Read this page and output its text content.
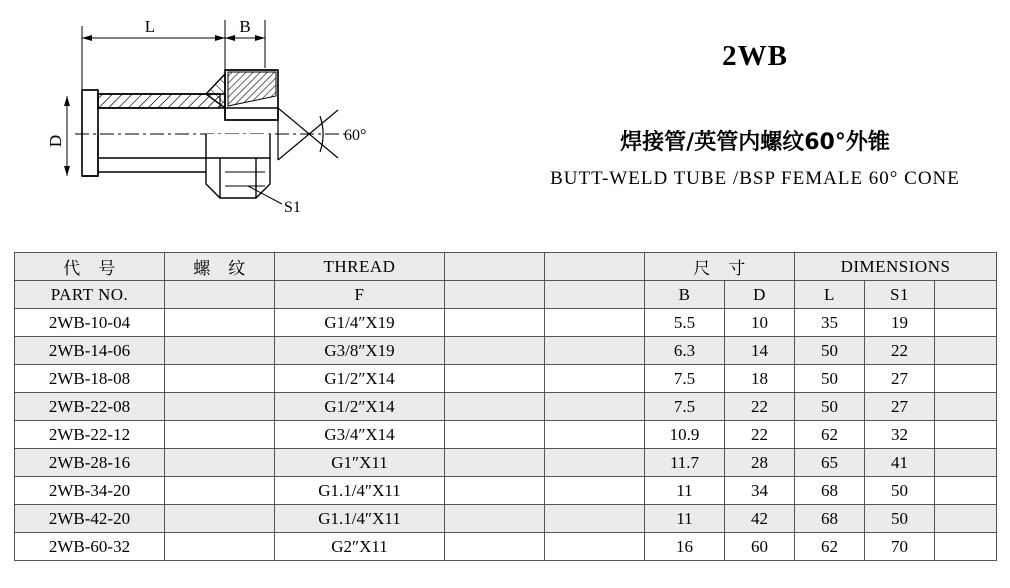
L	B
D	60°
S1
2WB
焊接管/英管内螺纹60°外锥
BUTT-WELD TUBE /BSP FEMALE 60° CONE
代　号	螺　纹	THREAD			尺　寸		DIMENSIONS		
PART NO.		F			B	D	L	S1	
2WB-10-04		G1/4″X19			5.5	10	35	19	
2WB-14-06		G3/8″X19			6.3	14	50	22	
2WB-18-08		G1/2″X14			7.5	18	50	27	
2WB-22-08		G1/2″X14			7.5	22	50	27	
2WB-22-12		G3/4″X14			10.9	22	62	32	
2WB-28-16		G1″X11			11.7	28	65	41	
2WB-34-20		G1.1/4″X11			11	34	68	50	
2WB-42-20		G1.1/4″X11			11	42	68	50	
2WB-60-32		G2″X11			16	60	62	70	
